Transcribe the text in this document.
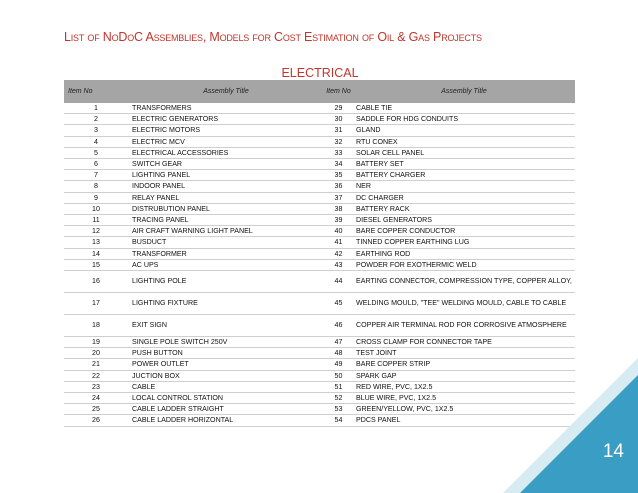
List of NoDoC Assemblies, Models for Cost Estimation of Oil & Gas Projects
ELECTRICAL
Item No	Assembly Title	Item No	Assembly Title
1	TRANSFORMERS	29	CABLE TIE
2	ELECTRIC GENERATORS	30	SADDLE FOR HDG CONDUITS
3	ELECTRIC MOTORS	31	GLAND
4	ELECTRIC MCV	32	RTU CONEX
5	ELECTRICAL ACCESSORIES	33	SOLAR CELL PANEL
6	SWITCH GEAR	34	BATTERY SET
7	LIGHTING PANEL	35	BATTERY CHARGER
8	INDOOR PANEL	36	NER
9	RELAY PANEL	37	DC CHARGER
10	DISTRUBUTION PANEL	38	BATTERY RACK
11	TRACING PANEL	39	DIESEL GENERATORS
12	AIR CRAFT WARNING LIGHT PANEL	40	BARE COPPER CONDUCTOR
13	BUSDUCT	41	TINNED COPPER EARTHING LUG
14	TRANSFORMER	42	EARTHING ROD
15	AC UPS	43	POWDER FOR EXOTHERMIC WELD
16	LIGHTING POLE	44	EARTING CONNECTOR, COMPRESSION TYPE, COPPER ALLOY,
17	LIGHTING FIXTURE	45	WELDING MOULD, "TEE" WELDING MOULD, CABLE TO CABLE
18	EXIT SIGN	46	COPPER AIR TERMINAL ROD FOR CORROSIVE ATMOSPHERE
19	SINGLE POLE SWITCH 250V	47	CROSS CLAMP FOR CONNECTOR TAPE
20	PUSH BUTTON	48	TEST JOINT
21	POWER OUTLET	49	BARE COPPER STRIP
22	JUCTION BOX	50	SPARK GAP
23	CABLE	51	RED WIRE, PVC, 1X2.5
24	LOCAL CONTROL STATION	52	BLUE WIRE, PVC, 1X2.5
25	CABLE LADDER STRAIGHT	53	GREEN/YELLOW, PVC, 1X2.5
26	CABLE LADDER HORIZONTAL	54	PDCS PANEL
14
